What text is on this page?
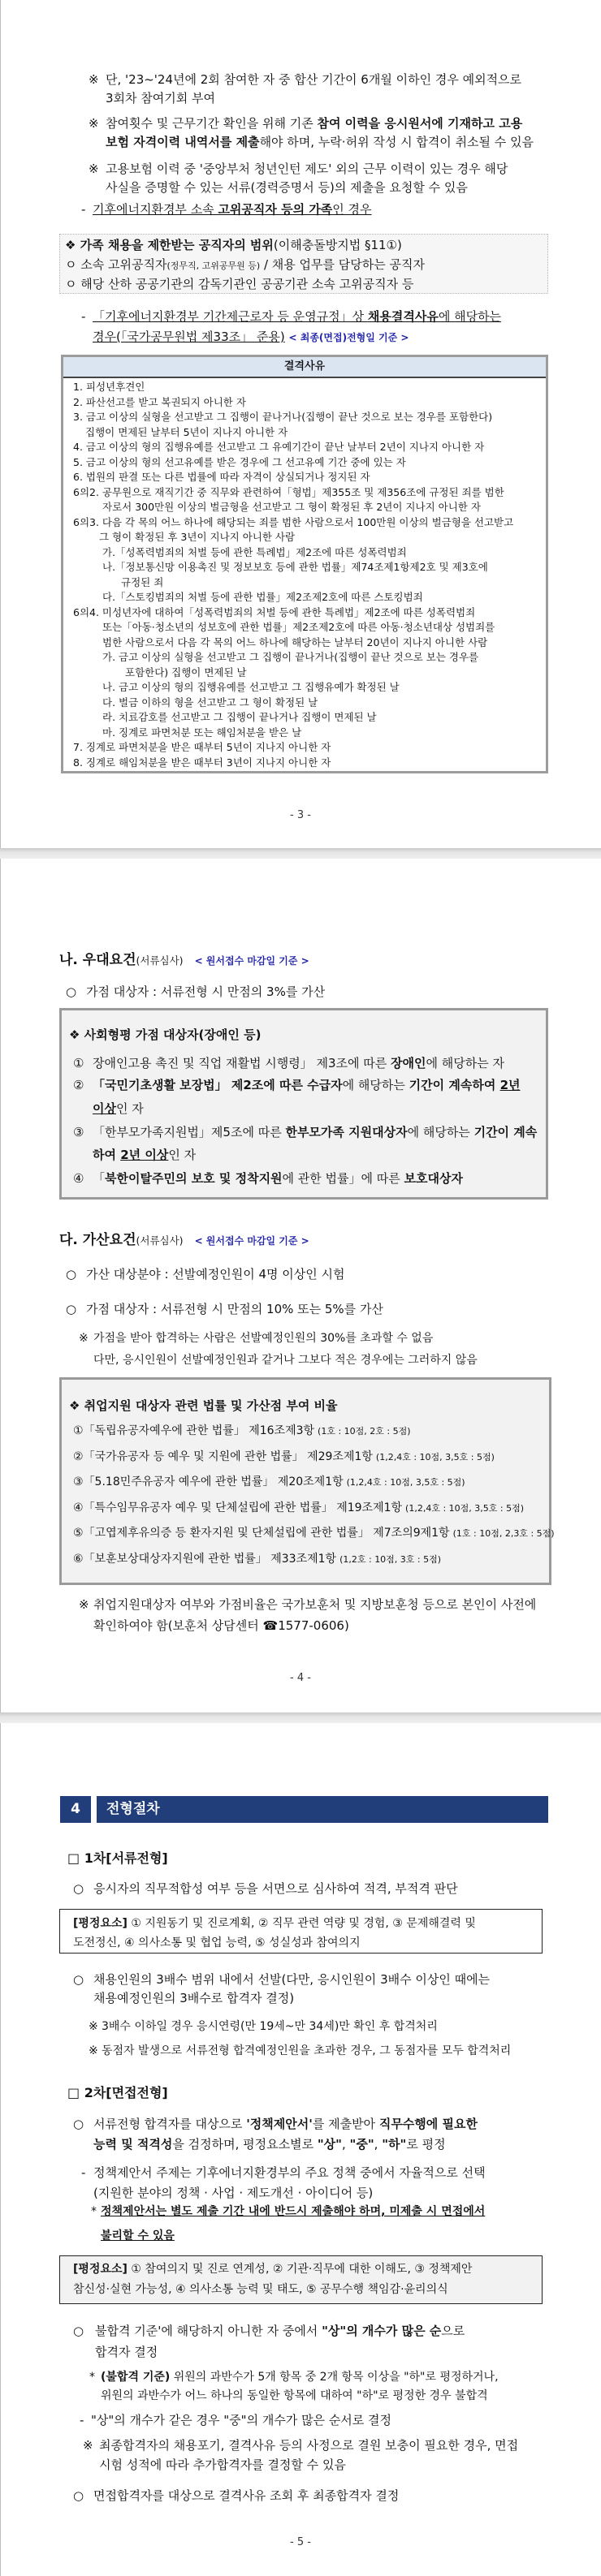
※ 단, '23~'24년에 2회 참여한 자 중 합산 기간이 6개월 이하인 경우 예외적으로
3회차 참여기회 부여
※ 참여횟수 및 근무기간 확인을 위해 기존 참여 이력을 응시원서에 기재하고 고용
보험 자격이력 내역서를 제출해야 하며, 누락·허위 작성 시 합격이 취소될 수 있음
※ 고용보험 이력 중 '중앙부처 청년인턴 제도' 외의 근무 이력이 있는 경우 해당
사실을 증명할 수 있는 서류(경력증명서 등)의 제출을 요청할 수 있음
- 기후에너지환경부 소속 고위공직자 등의 가족인 경우
❖ 가족 채용을 제한받는 공직자의 범위(이해충돌방지법 §11①)
ㅇ 소속 고위공직자(정무직, 고위공무원 등) / 채용 업무를 담당하는 공직자
ㅇ 해당 산하 공공기관의 감독기관인 공공기관 소속 고위공직자 등
- 「기후에너지환경부 기간제근로자 등 운영규정」상 채용결격사유에 해당하는
경우(「국가공무원법 제33조」 준용) < 최종(면접)전형일 기준 >
결격사유
1. 피성년후견인
2. 파산선고를 받고 복권되지 아니한 자
3. 금고 이상의 실형을 선고받고 그 집행이 끝나거나(집행이 끝난 것으로 보는 경우를 포함한다)
집행이 면제된 날부터 5년이 지나지 아니한 자
4. 금고 이상의 형의 집행유예를 선고받고 그 유예기간이 끝난 날부터 2년이 지나지 아니한 자
5. 금고 이상의 형의 선고유예를 받은 경우에 그 선고유예 기간 중에 있는 자
6. 법원의 판결 또는 다른 법률에 따라 자격이 상실되거나 정지된 자
6의2. 공무원으로 재직기간 중 직무와 관련하여「형법」제355조 및 제356조에 규정된 죄를 범한
자로서 300만원 이상의 벌금형을 선고받고 그 형이 확정된 후 2년이 지나지 아니한 자
6의3. 다음 각 목의 어느 하나에 해당되는 죄를 범한 사람으로서 100만원 이상의 벌금형을 선고받고
그 형이 확정된 후 3년이 지나지 아니한 사람
가.「성폭력범죄의 처벌 등에 관한 특례법」제2조에 따른 성폭력범죄
나.「정보통신망 이용촉진 및 정보보호 등에 관한 법률」제74조제1항제2호 및 제3호에
규정된 죄
다.「스토킹범죄의 처벌 등에 관한 법률」제2조제2호에 따른 스토킹범죄
6의4. 미성년자에 대하여「성폭력범죄의 처벌 등에 관한 특례법」제2조에 따른 성폭력범죄
또는「아동·청소년의 성보호에 관한 법률」제2조제2호에 따른 아동·청소년대상 성범죄를
범한 사람으로서 다음 각 목의 어느 하나에 해당하는 날부터 20년이 지나지 아니한 사람
가. 금고 이상의 실형을 선고받고 그 집행이 끝나거나(집행이 끝난 것으로 보는 경우를
포함한다) 집행이 면제된 날
나. 금고 이상의 형의 집행유예를 선고받고 그 집행유예가 확정된 날
다. 벌금 이하의 형을 선고받고 그 형이 확정된 날
라. 치료감호를 선고받고 그 집행이 끝나거나 집행이 면제된 날
마. 징계로 파면처분 또는 해임처분을 받은 날
7. 징계로 파면처분을 받은 때부터 5년이 지나지 아니한 자
8. 징계로 해임처분을 받은 때부터 3년이 지나지 아니한 자
- 3 -
나. 우대요건(서류심사) < 원서접수 마감일 기준 >
○ 가점 대상자 : 서류전형 시 만점의 3%를 가산
❖ 사회형평 가점 대상자(장애인 등)
① 장애인고용 촉진 및 직업 재활법 시행령」 제3조에 따른 장애인에 해당하는 자
② 「국민기초생활 보장법」 제2조에 따른 수급자에 해당하는 기간이 계속하여 2년
이상인 자
③ 「한부모가족지원법」제5조에 따른 한부모가족 지원대상자에 해당하는 기간이 계속
하여 2년 이상인 자
④ 「북한이탈주민의 보호 및 정착지원에 관한 법률」에 따른 보호대상자
다. 가산요건(서류심사) < 원서접수 마감일 기준 >
○ 가산 대상분야 : 선발예정인원이 4명 이상인 시험
○ 가점 대상자 : 서류전형 시 만점의 10% 또는 5%를 가산
※ 가점을 받아 합격하는 사람은 선발예정인원의 30%를 초과할 수 없음
다만, 응시인원이 선발예정인원과 같거나 그보다 적은 경우에는 그러하지 않음
❖ 취업지원 대상자 관련 법률 및 가산점 부여 비율
①「독립유공자예우에 관한 법률」 제16조제3항 (1호 : 10점, 2호 : 5점)
②「국가유공자 등 예우 및 지원에 관한 법률」 제29조제1항 (1,2,4호 : 10점, 3,5호 : 5점)
③「5.18민주유공자 예우에 관한 법률」 제20조제1항 (1,2,4호 : 10점, 3,5호 : 5점)
④「특수임무유공자 예우 및 단체설립에 관한 법률」 제19조제1항 (1,2,4호 : 10점, 3,5호 : 5점)
⑤「고엽제후유의증 등 환자지원 및 단체설립에 관한 법률」 제7조의9제1항 (1호 : 10점, 2,3호 : 5점)
⑥「보훈보상대상자지원에 관한 법률」 제33조제1항 (1,2호 : 10점, 3호 : 5점)
※ 취업지원대상자 여부와 가점비율은 국가보훈처 및 지방보훈청 등으로 본인이 사전에
확인하여야 함(보훈처 상담센터 ☎1577-0606)
- 4 -
4	전형절차
□ 1차[서류전형]
○ 응시자의 직무적합성 여부 등을 서면으로 심사하여 적격, 부적격 판단
[평정요소] ① 지원동기 및 진로계획, ② 직무 관련 역량 및 경험, ③ 문제해결력 및
도전정신, ④ 의사소통 및 협업 능력, ⑤ 성실성과 참여의지
○ 채용인원의 3배수 범위 내에서 선발(다만, 응시인원이 3배수 이상인 때에는
채용예정인원의 3배수로 합격자 결정)
※ 3배수 이하일 경우 응시연령(만 19세~만 34세)만 확인 후 합격처리
※ 동점자 발생으로 서류전형 합격예정인원을 초과한 경우, 그 동점자를 모두 합격처리
□ 2차[면접전형]
○ 서류전형 합격자를 대상으로 '정책제안서'를 제출받아 직무수행에 필요한
능력 및 적격성을 검정하며, 평정요소별로 "상", "중", "하"로 평정
- 정책제안서 주제는 기후에너지환경부의 주요 정책 중에서 자율적으로 선택
(지원한 분야의 정책 · 사업 · 제도개선 · 아이디어 등)
* 정책제안서는 별도 제출 기간 내에 반드시 제출해야 하며, 미제출 시 면접에서
불리할 수 있음
[평정요소] ① 참여의지 및 진로 연계성, ② 기관·직무에 대한 이해도, ③ 정책제안
참신성·실현 가능성, ④ 의사소통 능력 및 태도, ⑤ 공무수행 책임감·윤리의식
○ 불합격 기준'에 해당하지 아니한 자 중에서 "상"의 개수가 많은 순으로
합격자 결정
* (불합격 기준) 위원의 과반수가 5개 항목 중 2개 항목 이상을 "하"로 평정하거나,
위원의 과반수가 어느 하나의 동일한 항목에 대하여 "하"로 평정한 경우 불합격
- "상"의 개수가 같은 경우 "중"의 개수가 많은 순서로 결정
※ 최종합격자의 채용포기, 결격사유 등의 사정으로 결원 보충이 필요한 경우, 면접
시험 성적에 따라 추가합격자를 결정할 수 있음
○ 면접합격자를 대상으로 결격사유 조회 후 최종합격자 결정
- 5 -
